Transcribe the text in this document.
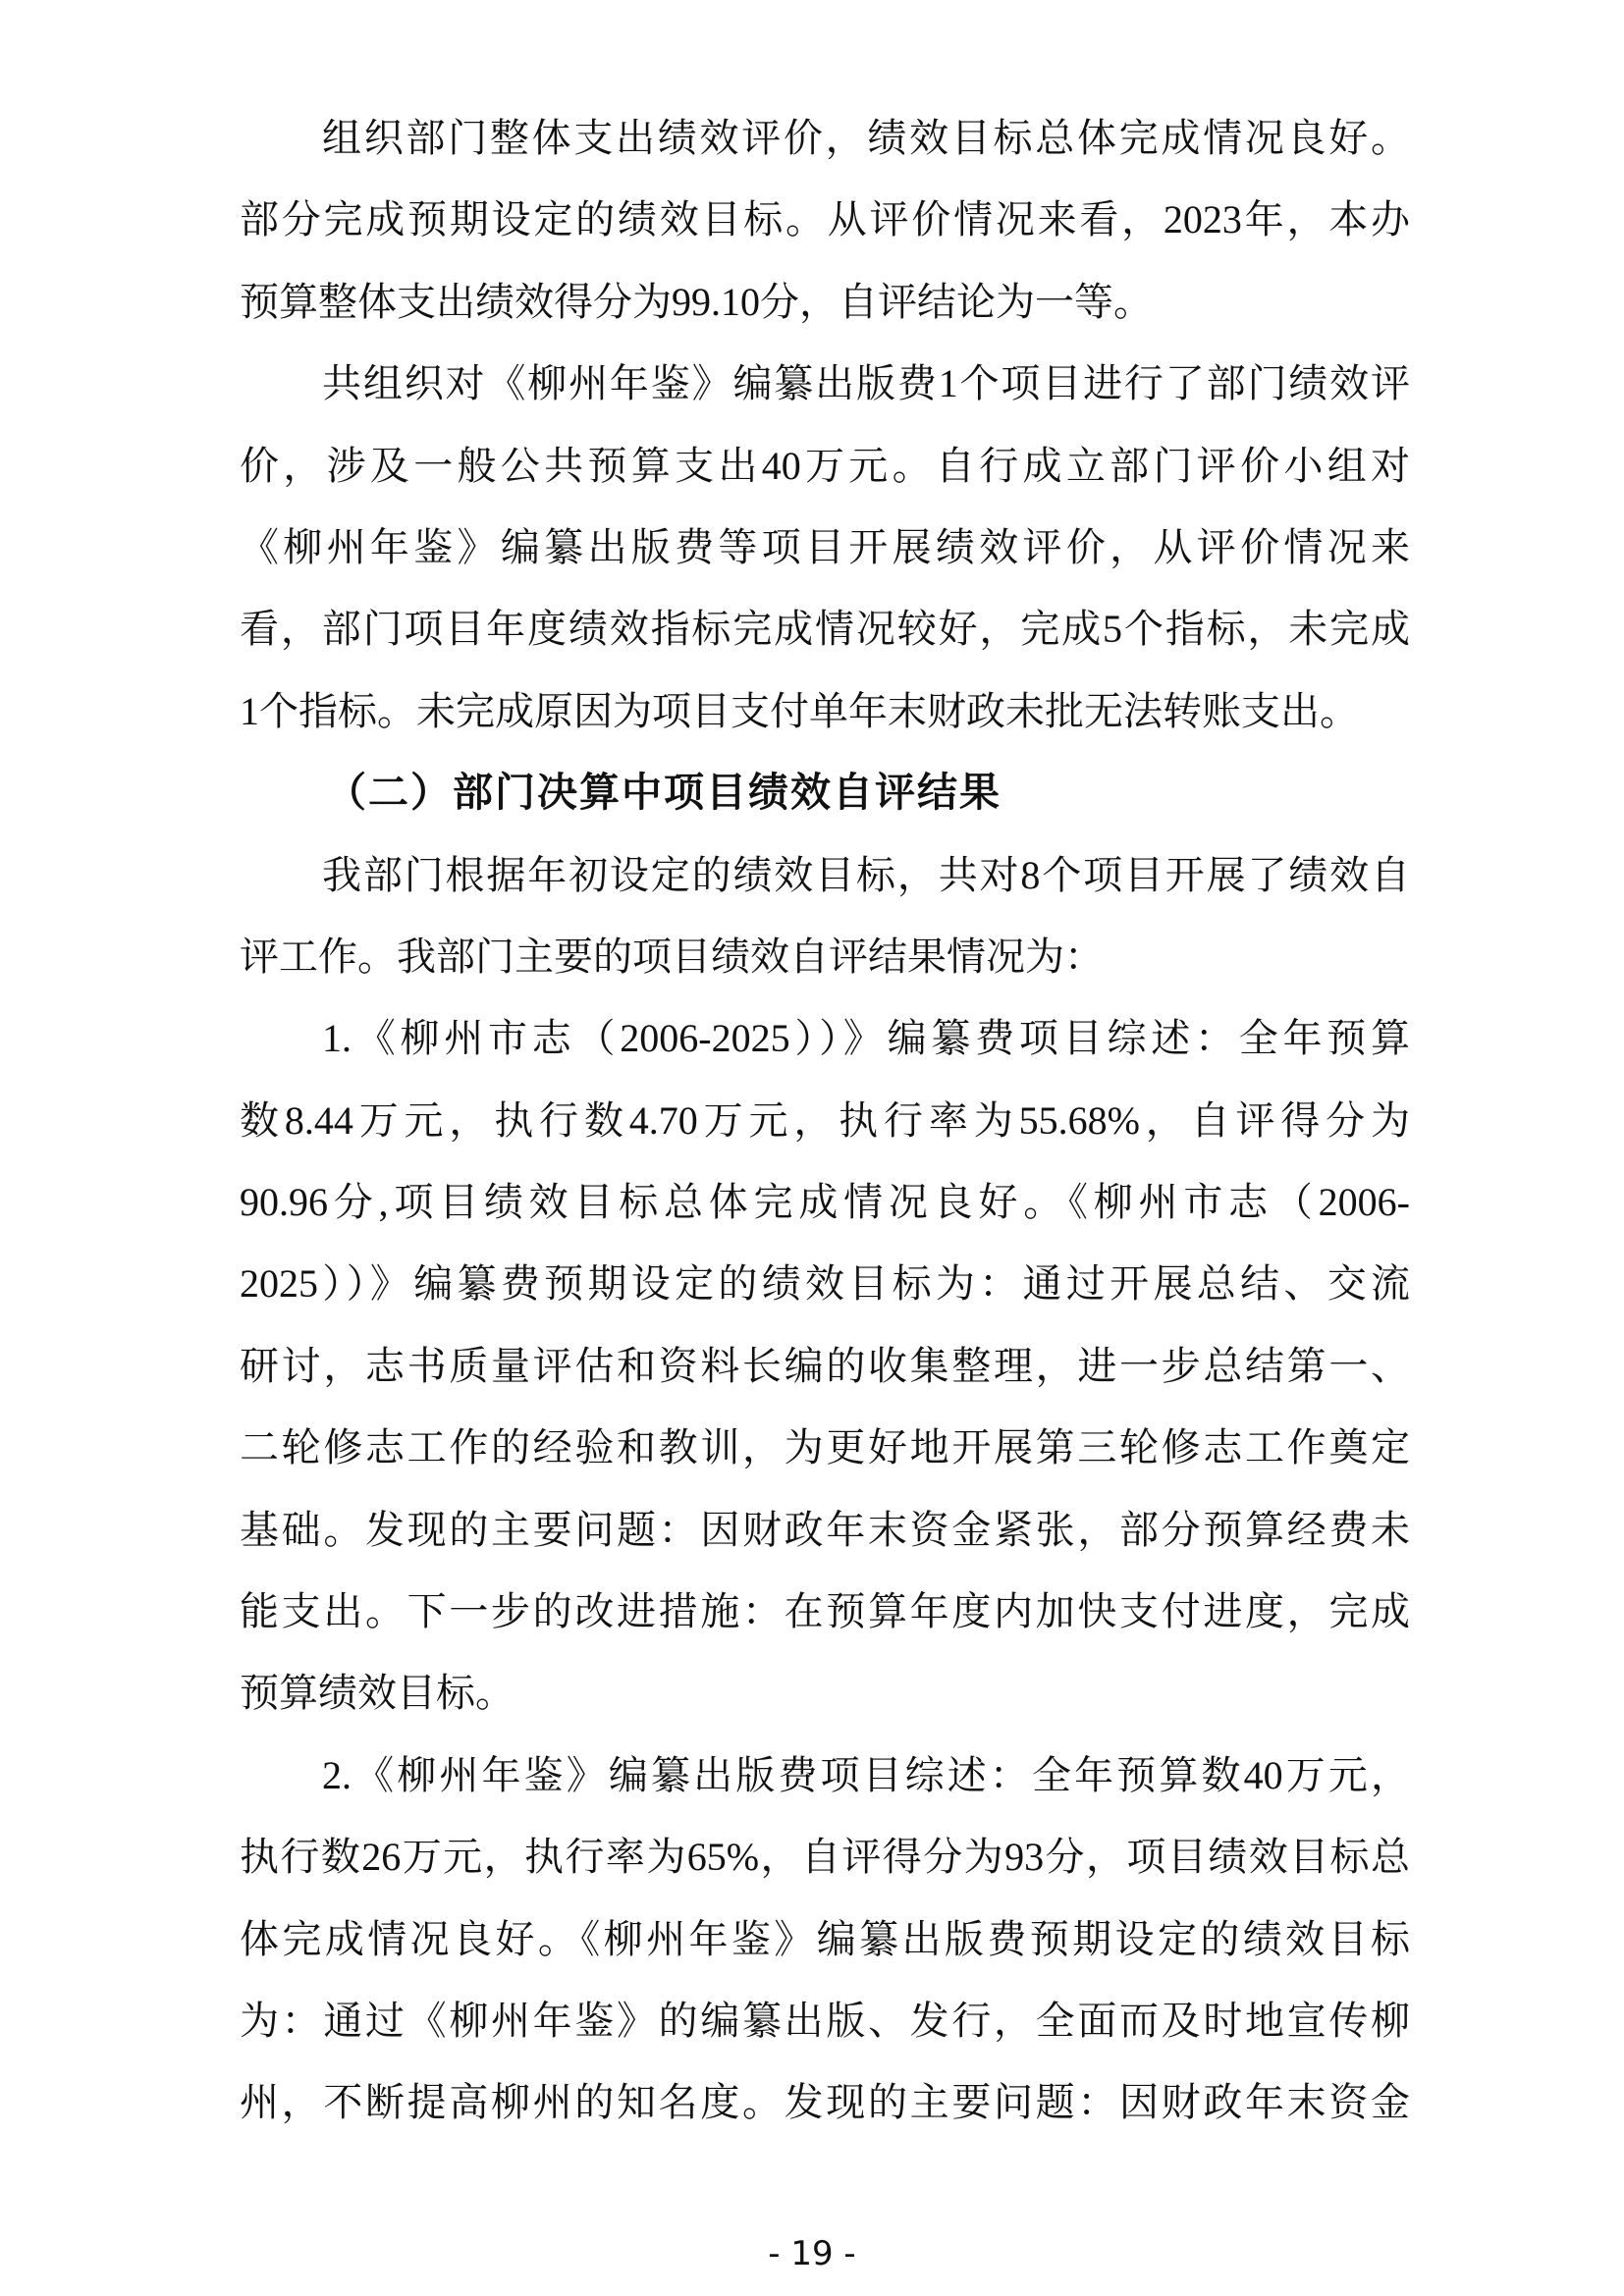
组织部门整体支出绩效评价，绩效目标总体完成情况良好。
部分完成预期设定的绩效目标。从评价情况来看，2023年，本办
预算整体支出绩效得分为99.10分，自评结论为一等。
共组织对《柳州年鉴》编纂出版费1个项目进行了部门绩效评
价，涉及一般公共预算支出40万元。自行成立部门评价小组对
《柳州年鉴》编纂出版费等项目开展绩效评价，从评价情况来
看，部门项目年度绩效指标完成情况较好，完成5个指标，未完成
1个指标。未完成原因为项目支付单年末财政未批无法转账支出。
（二）部门决算中项目绩效自评结果
我部门根据年初设定的绩效目标，共对8个项目开展了绩效自
评工作。我部门主要的项目绩效自评结果情况为：
1.《柳州市志（2006-2025））》编纂费项目综述：全年预算
数8.44万元，执行数4.70万元，执行率为55.68%，自评得分为
90.96分,项目绩效目标总体完成情况良好。《柳州市志（2006-
2025））》编纂费预期设定的绩效目标为：通过开展总结、交流
研讨，志书质量评估和资料长编的收集整理，进一步总结第一、
二轮修志工作的经验和教训，为更好地开展第三轮修志工作奠定
基础。发现的主要问题：因财政年末资金紧张，部分预算经费未
能支出。下一步的改进措施：在预算年度内加快支付进度，完成
预算绩效目标。
2.《柳州年鉴》编纂出版费项目综述：全年预算数40万元，
执行数26万元，执行率为65%，自评得分为93分，项目绩效目标总
体完成情况良好。《柳州年鉴》编纂出版费预期设定的绩效目标
为：通过《柳州年鉴》的编纂出版、发行，全面而及时地宣传柳
州，不断提高柳州的知名度。发现的主要问题：因财政年末资金
- 19 -
